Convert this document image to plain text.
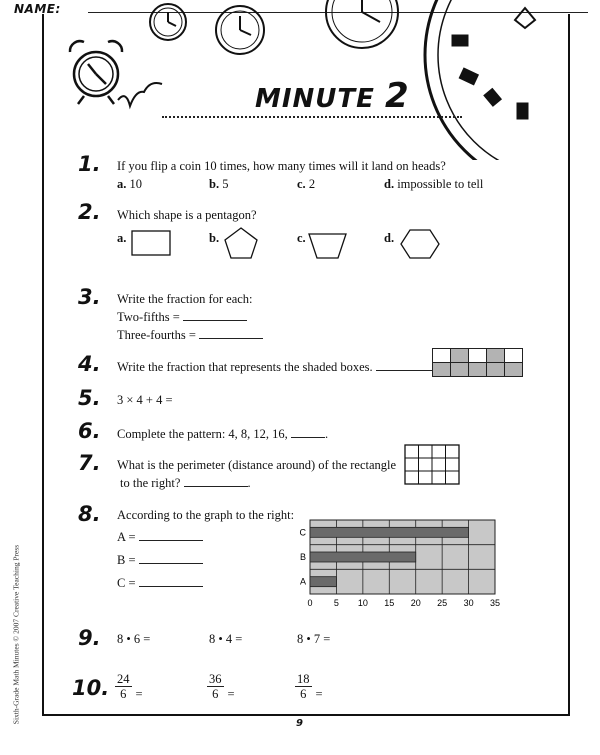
NAME:
MINUTE 2
1. If you flip a coin 10 times, how many times will it land on heads?
a. 10	b. 5	c. 2	d. impossible to tell
2. Which shape is a pentagon?
a.	b.	c.	d.
3. Write the fraction for each:
Two-fifths =
Three-fourths =
4. Write the fraction that represents the shaded boxes.
5. 3 × 4 + 4 =
6. Complete the pattern: 4, 8, 12, 16,	.
7. What is the perimeter (distance around) of the rectangle
to the right?	.
8. According to the graph to the right:
A =
B =
C =
0 5 10 15 20 25 30 35
C
B
A
9. 8 • 6 =	8 • 4 =	8 • 7 =
10. $\frac{24}{6}$ =	$\frac{36}{6}$ =	$\frac{18}{6}$ =
Sixth-Grade Math Minutes © 2007 Creative Teaching Press	9
